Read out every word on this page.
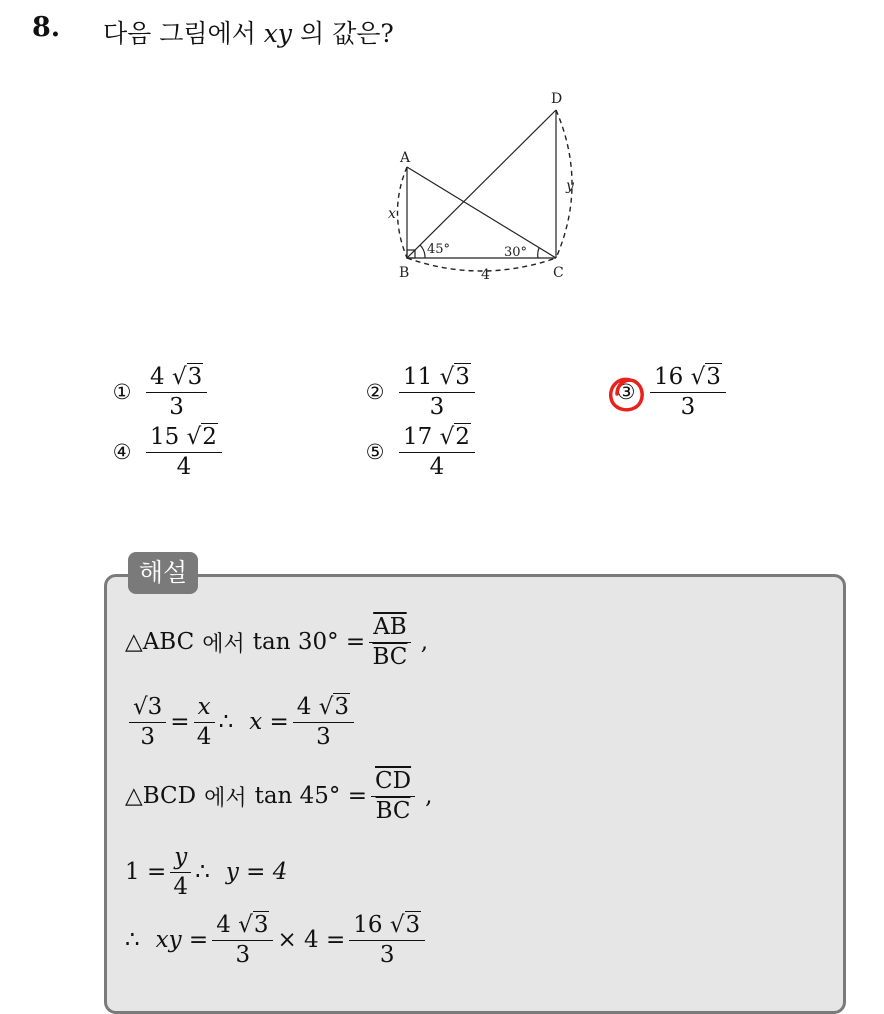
8. 다음 그림에서 xy 의 값은?
A
B	C
D
x
y
4
45°	30°
① $\frac{4 √3}{3}$	② $\frac{11 √3}{3}$	③ $\frac{16 √3}{3}$
④ $\frac{15 √2}{4}$	⑤ $\frac{17 √2}{4}$
해설
△ABC 에서 $\tan 30^\circ = \frac{\overline{AB}}{BC}$ ,
$\frac{√3}{3} = \frac{x}{4}$ ∴ $x = \frac{4 √3}{3}$
△BCD 에서 $\tan 45^\circ = \frac{\overline{CD}}{BC}$ ,
$1 = \frac{y}{4}$ ∴ y = 4
∴ xy = $\frac{4 √3}{3} \times 4 = \frac{16 √3}{3}$
